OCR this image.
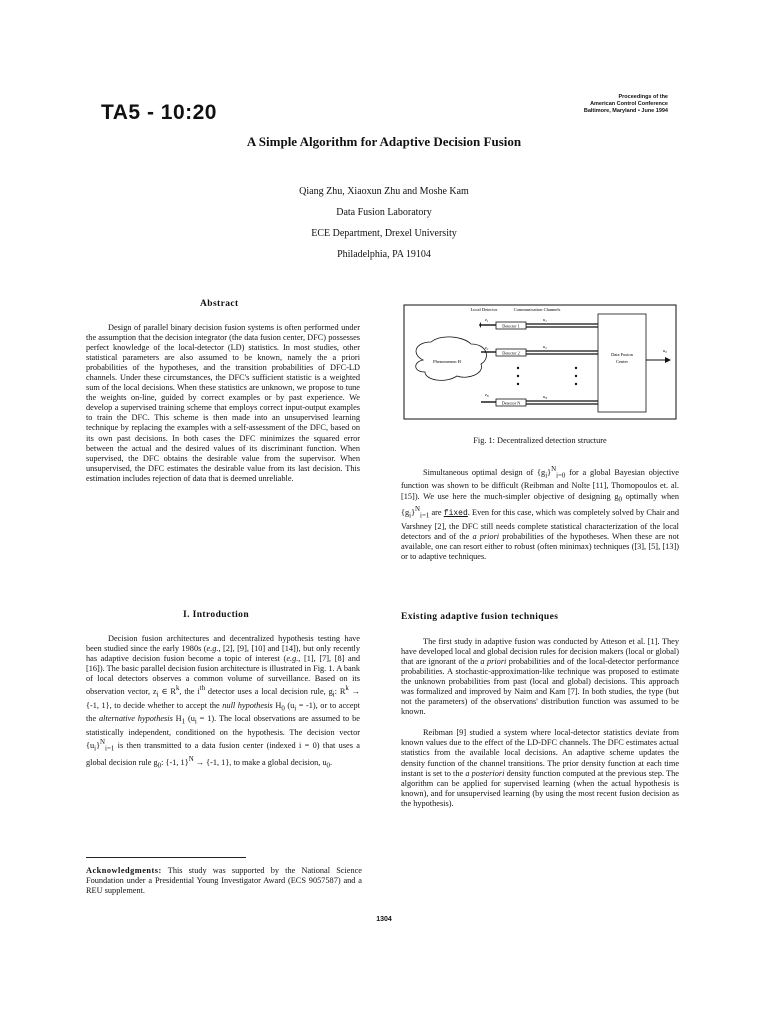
TA5 - 10:20
Proceedings of the
American Control Conference
Baltimore, Maryland • June 1994
A Simple Algorithm for Adaptive Decision Fusion
Qiang Zhu, Xiaoxun Zhu and Moshe Kam
Data Fusion Laboratory
ECE Department, Drexel University
Philadelphia, PA 19104
Abstract

Design of parallel binary decision fusion systems is often performed under the assumption that the decision integrator (the data fusion center, DFC) possesses perfect knowledge of the local-detector (LD) statistics. In most studies, other statistical parameters are also assumed to be known, namely the a priori probabilities of the hypotheses, and the transition probabilities of DFC-LD channels. Under these circumstances, the DFC's sufficient statistic is a weighted sum of the local decisions. When these statistics are unknown, we propose to tune the weights on-line, guided by correct examples or by past experience. We develop a supervised training scheme that employs correct input-output examples to train the DFC. This scheme is then made into an unsupervised learning technique by replacing the examples with a self-assessment of the DFC, based on its own past decisions. In both cases the DFC minimizes the squared error between the actual and the desired values of its discriminant function. When supervised, the DFC obtains the desirable value from the supervisor. When unsupervised, the DFC estimates the desirable value from its last decision. This estimation includes rejection of data that is deemed unreliable.

I. Introduction

Decision fusion architectures and decentralized hypothesis testing have been studied since the early 1980s (e.g., [2], [9], [10] and [14]), but only recently has adaptive decision fusion become a topic of interest (e.g., [1], [7], [8] and [16]). The basic parallel decision fusion architecture is illustrated in Fig. 1. A bank of local detectors observes a common volume of surveillance. Based on its observation vector, $z_i$ ∈ $R^k$, the $i^{th}$ detector uses a local decision rule, $g_i$: $R^k \to \{-1$, 1}, to decide whether to accept the null hypothesis $H_0$ $(u_i = -1)$, or to accept the alternative hypothesis $H_1$ $(u_i = 1)$. The local observations are assumed to be statistically independent, conditioned on the hypothesis. The decision vector $\{u_i\}^N_{i=1}$ is then transmitted to a data fusion center (indexed i = 0) that uses a global decision rule $g_0$: {-1, 1}$^N$ → {-1, 1}, to make a global decision, $u_0$.

Acknowledgments: This study was supported by the National Science Foundation under a Presidential Young Investigator Award (ECS 9057587) and a REU supplement.
Local Detector	Communication Channels
Phenomenon H
Detector 1
Detector 2
Detector N
$z_1$
$z_2$
$z_N$
$u_1$
$u_2$
$u_N$
Data Fusion
Center
$u_0$
Fig. 1: Decentralized detection structure

Simultaneous optimal design of $\{g_i\}^N_{i=0}$ for a global Bayesian objective function was shown to be difficult (Reibman and Nolte [11], Thomopoulos et. al. [15]). We use here the much-simpler objective of designing $g_0$ optimally when $\{g_i\}^N_{i=1}$ are fixed. Even for this case, which was completely solved by Chair and Varshney [2], the DFC still needs complete statistical characterization of the local detectors and of the a priori probabilities of the hypotheses. When these are not available, one can resort either to robust (often minimax) techniques ([3], [5], [13]) or to adaptive techniques.

Existing adaptive fusion techniques

The first study in adaptive fusion was conducted by Atteson et al. [1]. They have developed local and global decision rules for decision makers (local or global) that are ignorant of the a priori probabilities and of the local-detector performance probabilities. A stochastic-approximation-like technique was proposed to estimate the unknown probabilities from past (local and global) decisions. This approach was formalized and improved by Naim and Kam [7]. In both studies, the type (but not the parameters) of the observations' distribution function was assumed to be known.

Reibman [9] studied a system where local-detector statistics deviate from known values due to the effect of the LD-DFC channels. The DFC estimates actual statistics from the available local decisions. An adaptive scheme updates the density function of the channel transitions. The prior density function at each time instant is set to the a posteriori density function computed at the previous step. The algorithm can be applied for supervised learning (when the actual hypothesis is known), and for unsupervised learning (by using the most recent fusion decision as the hypothesis).

1304
